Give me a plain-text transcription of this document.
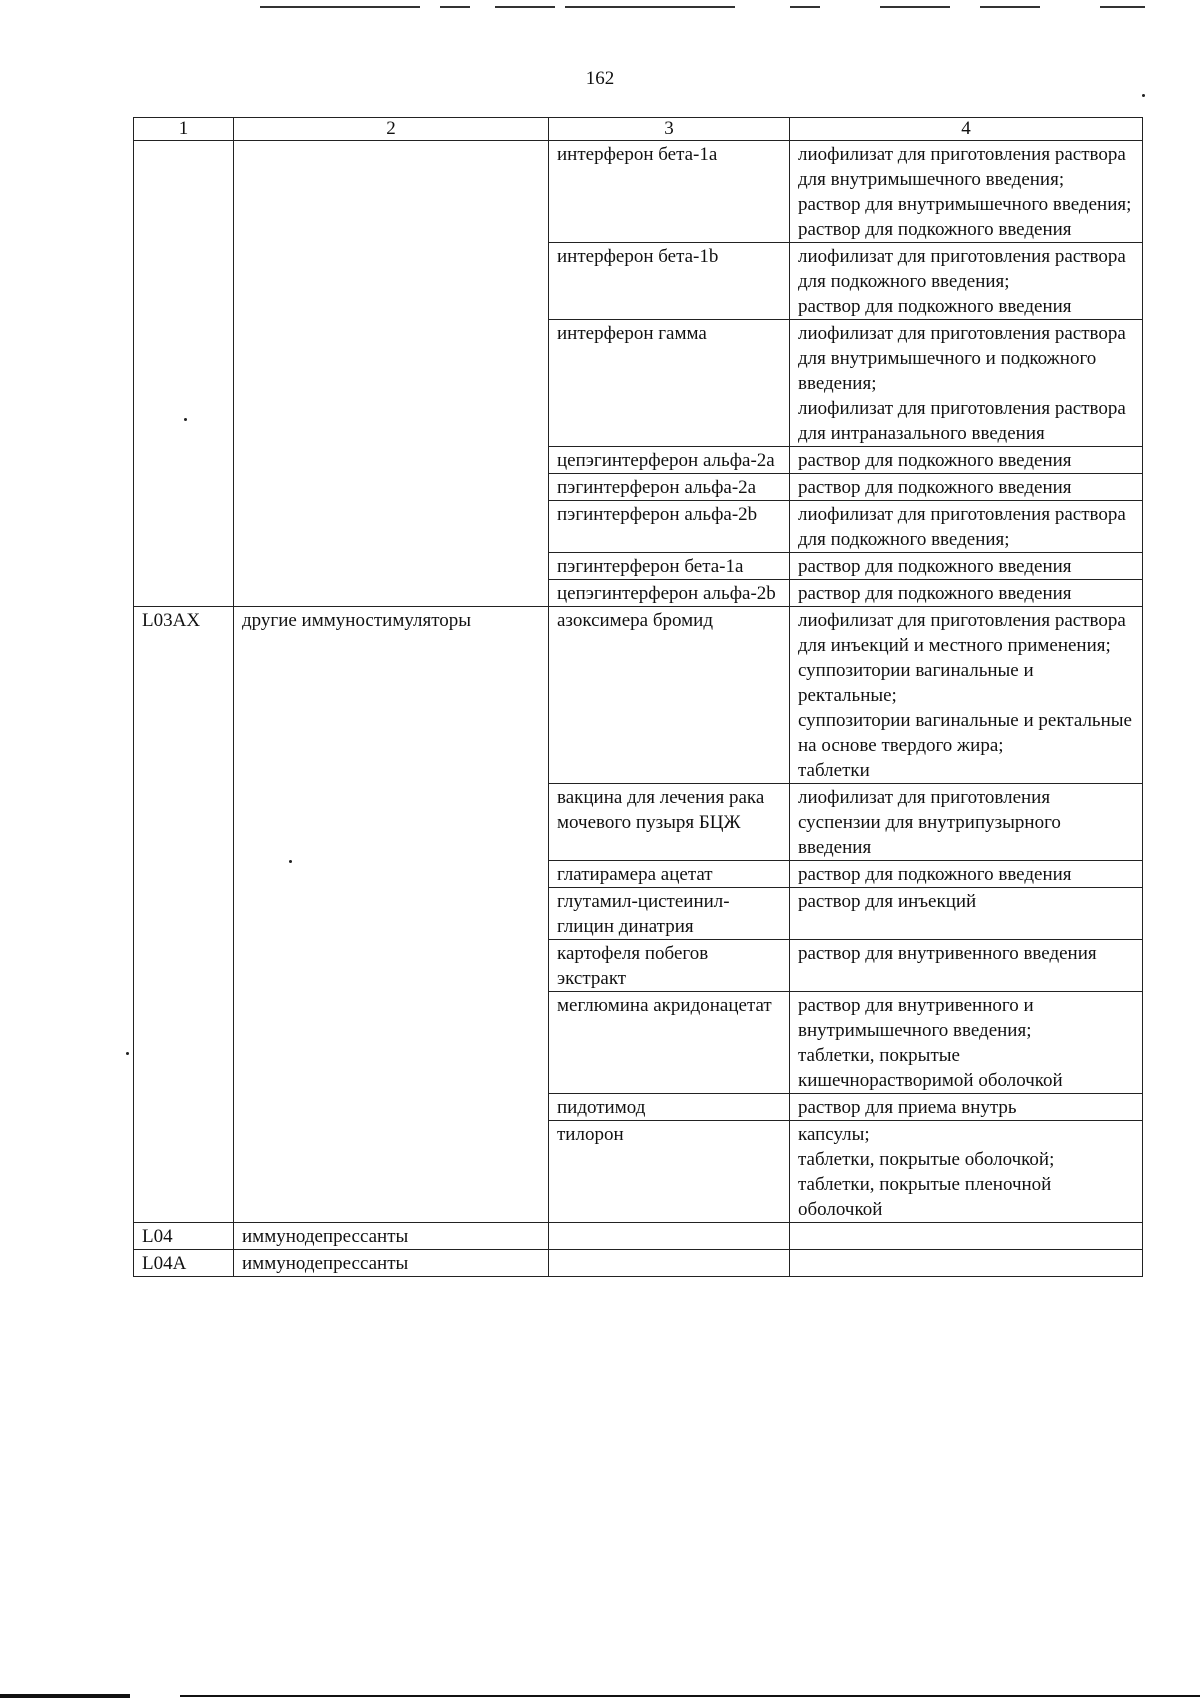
162
1	2	3	4
		интерферон бета-1a	лиофилизат для приготовления раствора для внутримышечного введения;
раствор для внутримышечного введения;
раствор для подкожного введения

		интерферон бета-1b	лиофилизат для приготовления раствора для подкожного введения;
раствор для подкожного введения

		интерферон гамма	лиофилизат для приготовления раствора для внутримышечного и подкожного введения;
лиофилизат для приготовления раствора для интраназального введения

		цепэгинтерферон альфа-2a	раствор для подкожного введения

		пэгинтерферон альфа-2a	раствор для подкожного введения

		пэгинтерферон альфа-2b	лиофилизат для приготовления раствора для подкожного введения;

		пэгинтерферон бета-1a	раствор для подкожного введения

		цепэгинтерферон альфа-2b	раствор для подкожного введения

L03AX	другие иммуностимуляторы	азоксимера бромид	лиофилизат для приготовления раствора для инъекций и местного применения;
суппозитории вагинальные и ректальные;
суппозитории вагинальные и ректальные на основе твердого жира;
таблетки

		вакцина для лечения рака мочевого пузыря БЦЖ	лиофилизат для приготовления суспензии для внутрипузырного введения

		глатирамера ацетат	раствор для подкожного введения

		глутамил-цистеинил-глицин динатрия	раствор для инъекций

		картофеля побегов экстракт	раствор для внутривенного введения

		меглюмина акридонацетат	раствор для внутривенного и внутримышечного введения;
таблетки, покрытые кишечнорастворимой оболочкой

		пидотимод	раствор для приема внутрь

		тилорон	капсулы;
таблетки, покрытые оболочкой;
таблетки, покрытые пленочной оболочкой

L04	иммунодепрессанты		
L04A	иммунодепрессанты		
